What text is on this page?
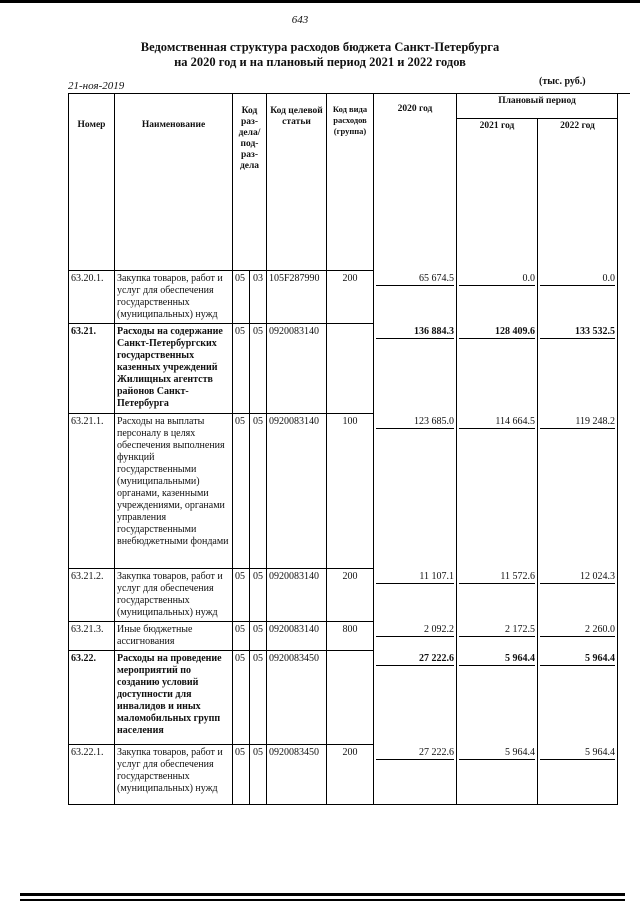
643
Ведомственная структура расходов бюджета Санкт-Петербурга
на 2020 год и на плановый период 2021 и 2022 годов
21-ноя-2019	(тыс. руб.)
Номер	Наименование	Код раз-дела/ под-раз-дела		Код целевой статьи	Код вида расходов (группа)	2020 год	Плановый период	
							2021 год	2022 год

63.20.1.	Закупка товаров, работ и услуг для обеспечения государственных (муниципальных) нужд	05	03	105F287990	200	65 674.5	0.0	0.0

63.21.	Расходы на содержание Санкт-Петербургских государственных казенных учреждений Жилищных агентств районов Санкт-Петербурга	05	05	0920083140		136 884.3	128 409.6	133 532.5

63.21.1.	Расходы на выплаты персоналу в целях обеспечения выполнения функций государственными (муниципальными) органами, казенными учреждениями, органами управления государственными внебюджетными фондами	05	05	0920083140	100	123 685.0	114 664.5	119 248.2

63.21.2.	Закупка товаров, работ и услуг для обеспечения государственных (муниципальных) нужд	05	05	0920083140	200	11 107.1	11 572.6	12 024.3

63.21.3.	Иные бюджетные ассигнования	05	05	0920083140	800	2 092.2	2 172.5	2 260.0

63.22.	Расходы на проведение мероприятий по созданию условий доступности для инвалидов и иных маломобильных групп населения	05	05	0920083450		27 222.6	5 964.4	5 964.4

63.22.1.	Закупка товаров, работ и услуг для обеспечения государственных (муниципальных) нужд	05	05	0920083450	200	27 222.6	5 964.4	5 964.4
